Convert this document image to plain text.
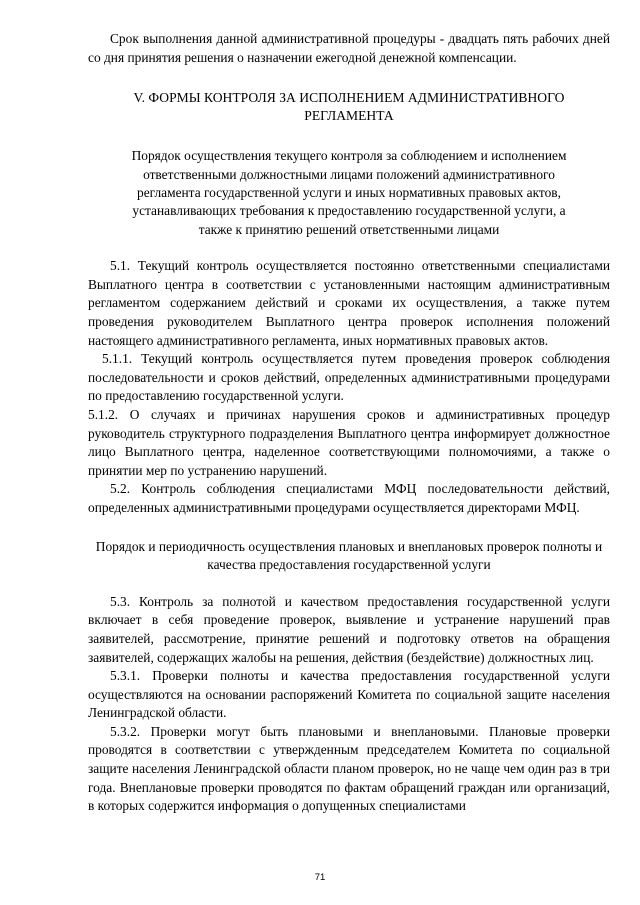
Срок выполнения данной административной процедуры - двадцать пять рабочих дней со дня принятия решения о назначении ежегодной денежной компенсации.

V. ФОРМЫ КОНТРОЛЯ ЗА ИСПОЛНЕНИЕМ АДМИНИСТРАТИВНОГО РЕГЛАМЕНТА

Порядок осуществления текущего контроля за соблюдением и исполнением ответственными должностными лицами положений административного регламента государственной услуги и иных нормативных правовых актов, устанавливающих требования к предоставлению государственной услуги, а также к принятию решений ответственными лицами

5.1. Текущий контроль осуществляется постоянно ответственными специалистами Выплатного центра в соответствии с установленными настоящим административным регламентом содержанием действий и сроками их осуществления, а также путем проведения руководителем Выплатного центра проверок исполнения положений настоящего административного регламента, иных нормативных правовых актов.

5.1.1. Текущий контроль осуществляется путем проведения проверок соблюдения последовательности и сроков действий, определенных административными процедурами по предоставлению государственной услуги.

5.1.2. О случаях и причинах нарушения сроков и административных процедур руководитель структурного подразделения Выплатного центра информирует должностное лицо Выплатного центра, наделенное соответствующими полномочиями, а также о принятии мер по устранению нарушений.

5.2. Контроль соблюдения специалистами МФЦ последовательности действий, определенных административными процедурами осуществляется директорами МФЦ.

Порядок и периодичность осуществления плановых и внеплановых проверок полноты и качества предоставления государственной услуги

5.3. Контроль за полнотой и качеством предоставления государственной услуги включает в себя проведение проверок, выявление и устранение нарушений прав заявителей, рассмотрение, принятие решений и подготовку ответов на обращения заявителей, содержащих жалобы на решения, действия (бездействие) должностных лиц.

5.3.1. Проверки полноты и качества предоставления государственной услуги осуществляются на основании распоряжений Комитета по социальной защите населения Ленинградской области.

5.3.2. Проверки могут быть плановыми и внеплановыми. Плановые проверки проводятся в соответствии с утвержденным председателем Комитета по социальной защите населения Ленинградской области планом проверок, но не чаще чем один раз в три года. Внеплановые проверки проводятся по фактам обращений граждан или организаций, в которых содержится информация о допущенных специалистами

71
